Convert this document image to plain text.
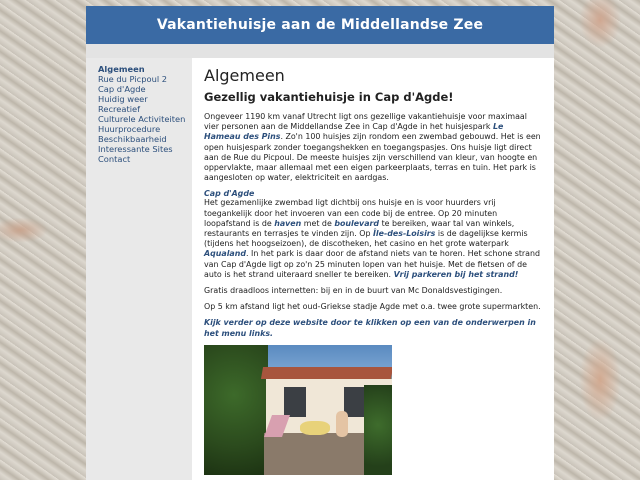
Vakantiehuisje aan de Middellandse Zee
Algemeen
Rue du Picpoul 2
Cap d'Agde
Huidig weer
Recreatief
Culturele Activiteiten
Huurprocedure
Beschikbaarheid
Interessante Sites
Contact
Algemeen
Gezellig vakantiehuisje in Cap d'Agde!

Ongeveer 1190 km vanaf Utrecht ligt ons gezellige vakantiehuisje voor maximaal vier personen aan de Middellandse Zee in Cap d'Agde in het huisjespark Le Hameau des Pins. Zo'n 100 huisjes zijn rondom een zwembad gebouwd. Het is een open huisjespark zonder toegangshekken en toegangspasjes. Ons huisje ligt direct aan de Rue du Picpoul. De meeste huisjes zijn verschillend van kleur, van hoogte en oppervlakte, maar allemaal met een eigen parkeerplaats, terras en tuin. Het park is aangesloten op water, elektriciteit en aardgas.

Cap d'Agde

Het gezamenlijke zwembad ligt dichtbij ons huisje en is voor huurders vrij toegankelijk door het invoeren van een code bij de entree. Op 20 minuten loopafstand is de haven met de boulevard te bereiken, waar tal van winkels, restaurants en terrasjes te vinden zijn. Op Île-des-Loisirs is de dagelijkse kermis (tijdens het hoogseizoen), de discotheken, het casino en het grote waterpark Aqualand. In het park is daar door de afstand niets van te horen. Het schone strand van Cap d'Agde ligt op zo'n 25 minuten lopen van het huisje. Met de fietsen of de auto is het strand uiteraard sneller te bereiken. Vrij parkeren bij het strand!

Gratis draadloos internetten: bij en in de buurt van Mc Donaldsvestigingen.

Op 5 km afstand ligt het oud-Griekse stadje Agde met o.a. twee grote supermarkten.

Kijk verder op deze website door te klikken op een van de onderwerpen in het menu links.
